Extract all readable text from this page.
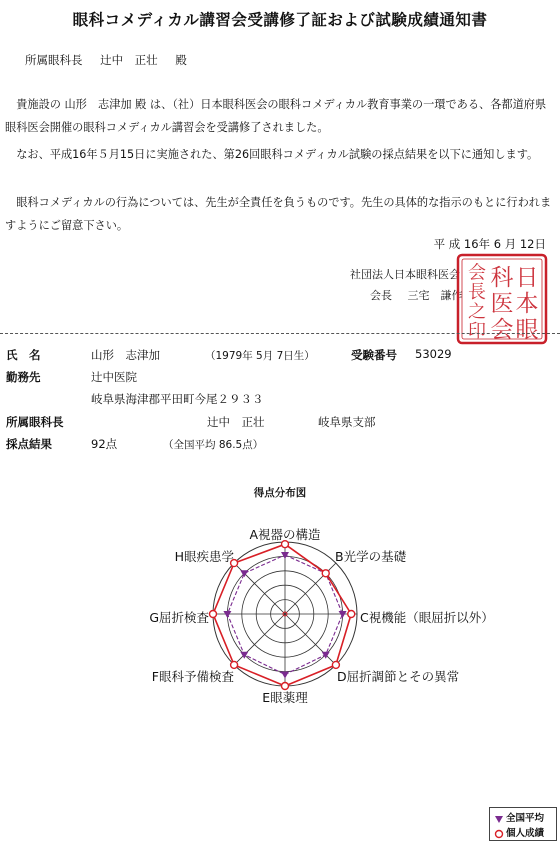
眼科コメディカル講習会受講修了証および試験成績通知書
所属眼科長 辻中　正壮 殿
　貴施設の 山形　志津加 殿 は、（社）日本眼科医会の眼科コメディカル教育事業の一環である、各都道府県眼科医会開催の眼科コメディカル講習会を受講修了されました。
　なお、平成16年５月15日に実施された、第26回眼科コメディカル試験の採点結果を以下に通知します。
　眼科コメディカルの行為については、先生が全責任を負うものです。先生の具体的な指示のもとに行われますようにご留意下さい。
平 成 16年 6 月 12日
社団法人日本眼科医会
会長 三宅　謙作
日
本
眼
科
医
会
会
長
之
印
氏　名	山形　志津加	（1979年 5月 7日生）	受験番号 53029
勤務先	辻中医院
岐阜県海津郡平田町今尾２９３３
所属眼科長	辻中　正壮	岐阜県支部
採点結果	92点	（全国平均 86.5点）
得点分布図
A視器の構造
B光学の基礎
C視機能（眼屈折以外）
D屈折調節とその異常
E眼薬理
F眼科予備検査
G屈折検査
H眼疾患学
全国平均
個人成績
